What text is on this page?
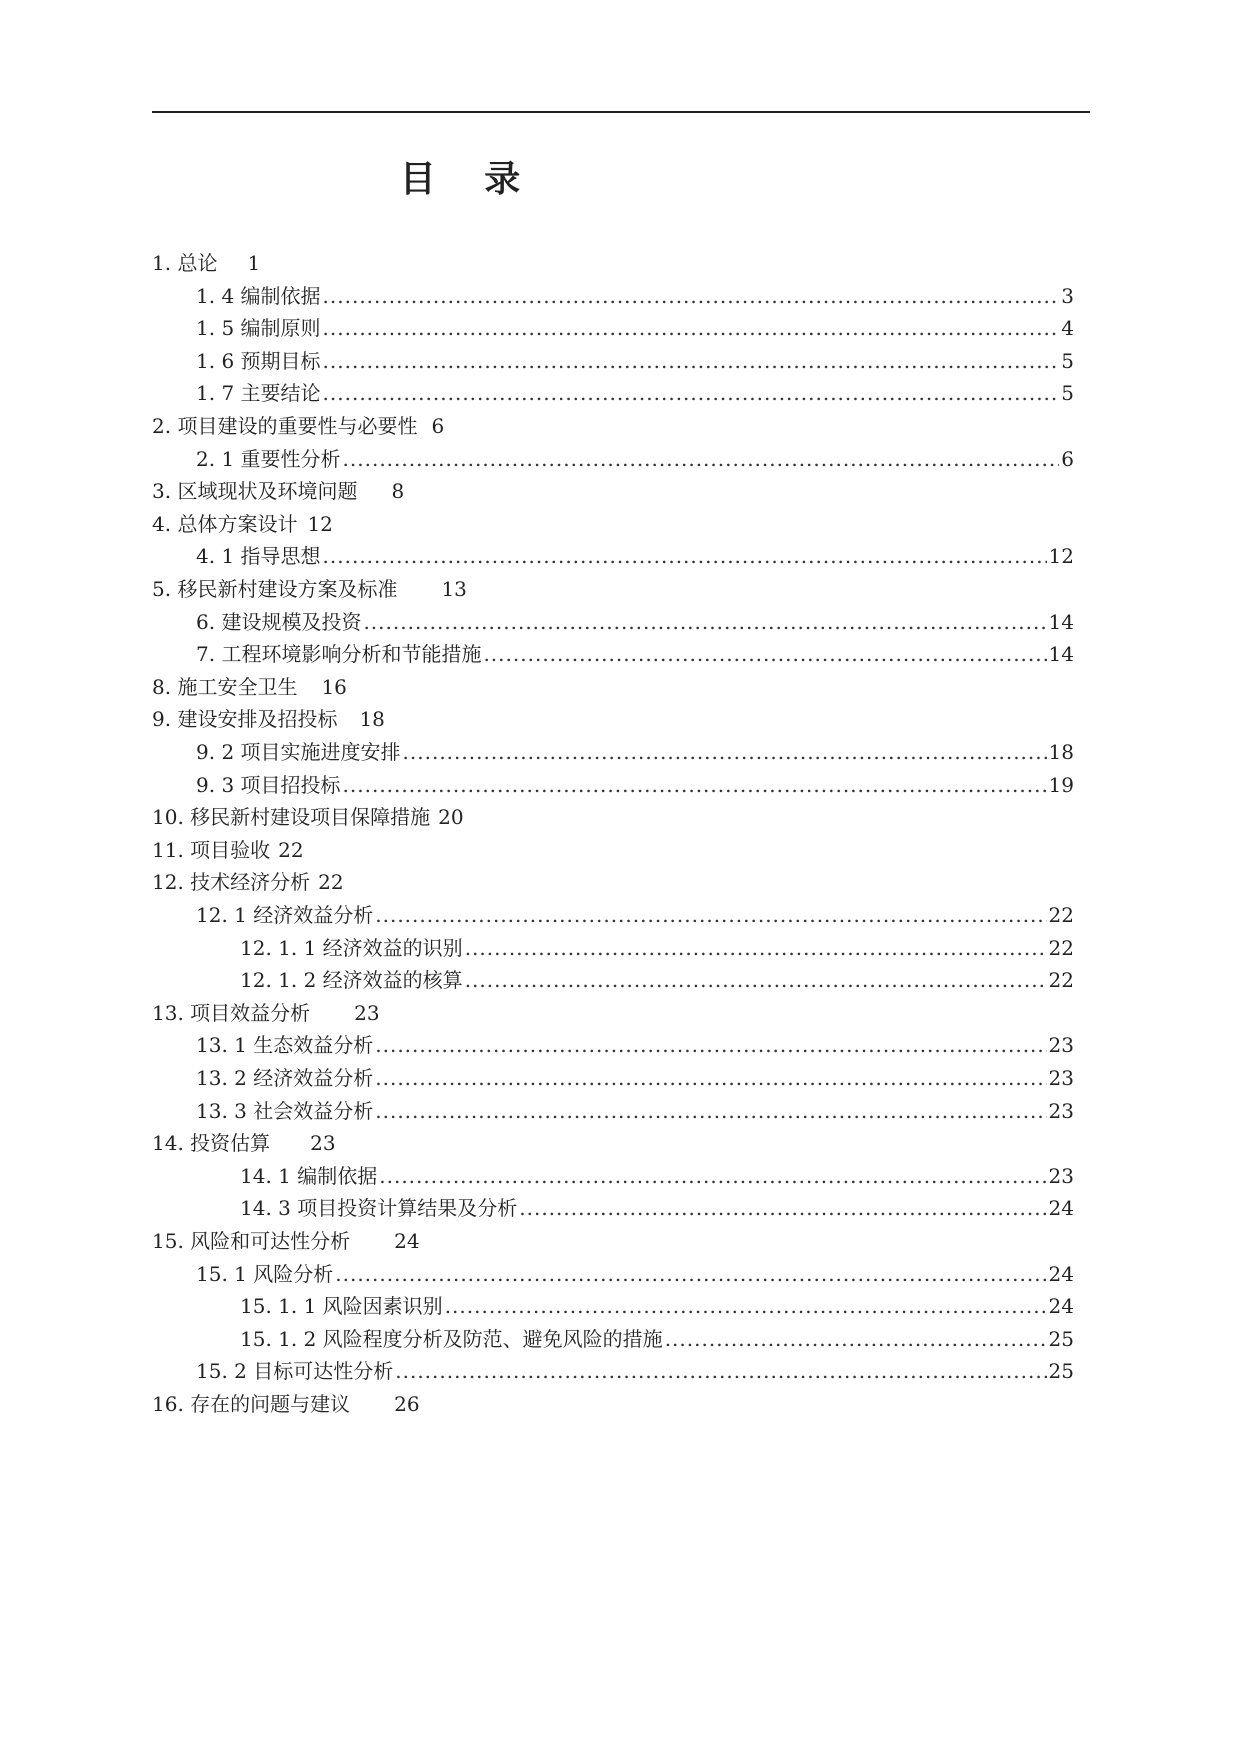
目 录
1. 总论 1
1. 4 编制依据 .....	3
1. 5 编制原则 .....	4
1. 6 预期目标 .....	5
1. 7 主要结论 .....	5
2. 项目建设的重要性与必要性 6
2. 1 重要性分析 .....	6
3. 区域现状及环境问题 8
4. 总体方案设计 12
4. 1 指导思想 .....	12
5. 移民新村建设方案及标准 13
6. 建设规模及投资 .....	14
7. 工程环境影响分析和节能措施 .....	14
8. 施工安全卫生 16
9. 建设安排及招投标 18
9. 2 项目实施进度安排 .....	18
9. 3 项目招投标 .....	19
10. 移民新村建设项目保障措施 20
11. 项目验收 22
12. 技术经济分析 22
12. 1 经济效益分析 .....	22
12. 1. 1 经济效益的识别 .....	22
12. 1. 2 经济效益的核算 .....	22
13. 项目效益分析 23
13. 1 生态效益分析 .....	23
13. 2 经济效益分析 .....	23
13. 3 社会效益分析 .....	23
14. 投资估算 23
14. 1 编制依据 .....	23
14. 3 项目投资计算结果及分析 .....	24
15. 风险和可达性分析 24
15. 1 风险分析 .....	24
15. 1. 1 风险因素识别 .....	24
15. 1. 2 风险程度分析及防范、避免风险的措施 .....	25
15. 2 目标可达性分析 .....	25
16. 存在的问题与建议 26
